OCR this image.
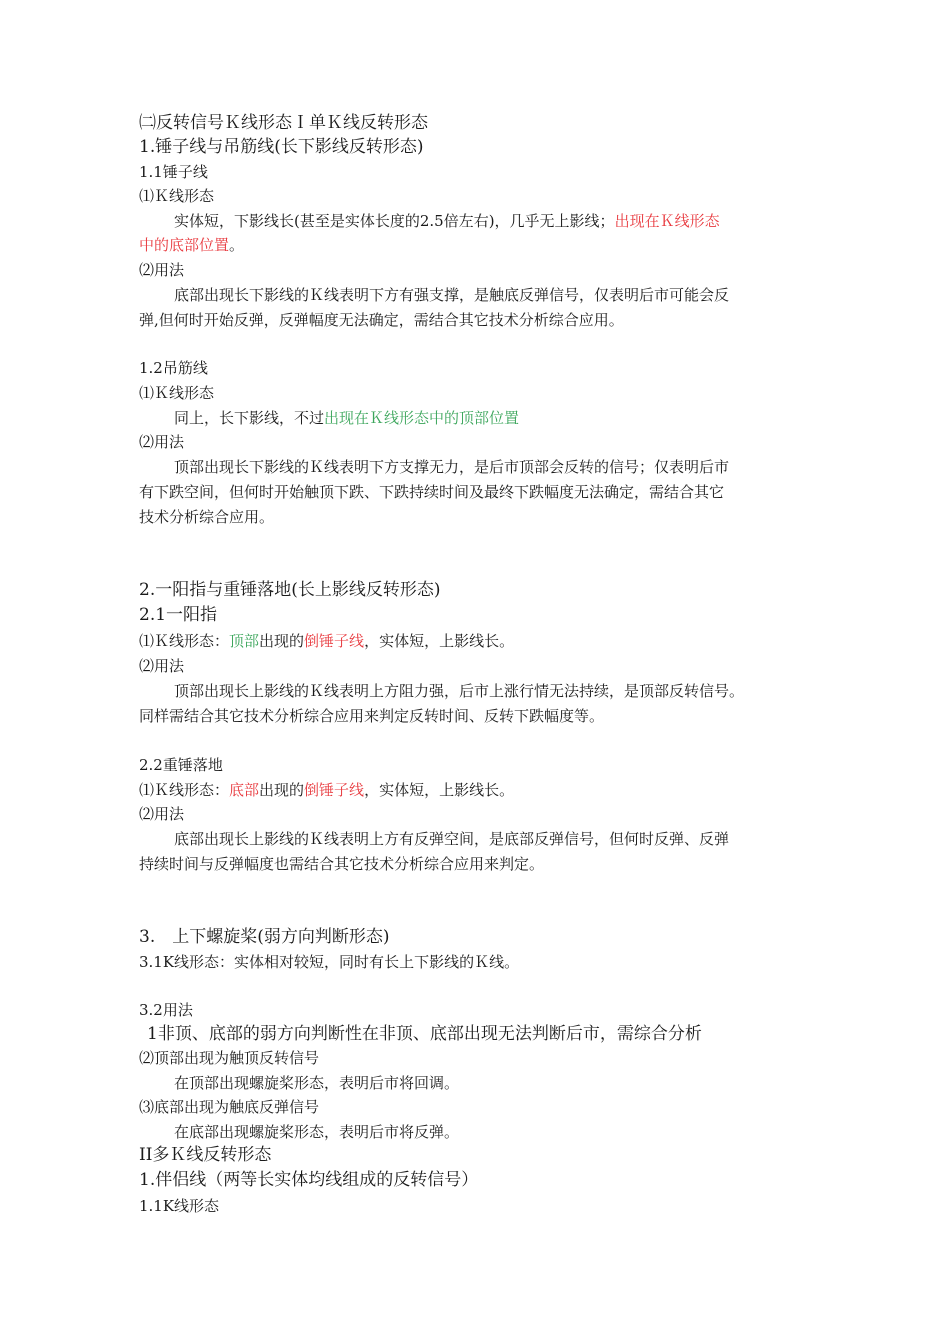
㈡反转信号Ｋ线形态Ｉ单Ｋ线反转形态
1.锤子线与吊筋线(长下影线反转形态)
1.1锤子线
⑴Ｋ线形态
实体短，下影线长(甚至是实体长度的2.5倍左右)，几乎无上影线；出现在Ｋ线形态
中的底部位置。
⑵用法
底部出现长下影线的Ｋ线表明下方有强支撑，是触底反弹信号，仅表明后市可能会反
弹,但何时开始反弹，反弹幅度无法确定，需结合其它技术分析综合应用。
1.2吊筋线
⑴Ｋ线形态
同上，长下影线，不过出现在Ｋ线形态中的顶部位置
⑵用法
顶部出现长下影线的Ｋ线表明下方支撑无力，是后市顶部会反转的信号；仅表明后市
有下跌空间，但何时开始触顶下跌、下跌持续时间及最终下跌幅度无法确定，需结合其它
技术分析综合应用。
2.一阳指与重锤落地(长上影线反转形态)
2.1一阳指
⑴Ｋ线形态：顶部出现的倒锤子线，实体短，上影线长。
⑵用法
顶部出现长上影线的Ｋ线表明上方阻力强，后市上涨行情无法持续，是顶部反转信号。
同样需结合其它技术分析综合应用来判定反转时间、反转下跌幅度等。
2.2重锤落地
⑴Ｋ线形态：底部出现的倒锤子线，实体短，上影线长。
⑵用法
底部出现长上影线的Ｋ线表明上方有反弹空间，是底部反弹信号，但何时反弹、反弹
持续时间与反弹幅度也需结合其它技术分析综合应用来判定。
3.　上下螺旋桨(弱方向判断形态)
3.1K线形态：实体相对较短，同时有长上下影线的Ｋ线。
3.2用法
1非顶、底部的弱方向判断性在非顶、底部出现无法判断后市，需综合分析
⑵顶部出现为触顶反转信号
在顶部出现螺旋桨形态，表明后市将回调。
⑶底部出现为触底反弹信号
在底部出现螺旋桨形态，表明后市将反弹。
II多Ｋ线反转形态
1.伴侣线（两等长实体均线组成的反转信号）
1.1K线形态
